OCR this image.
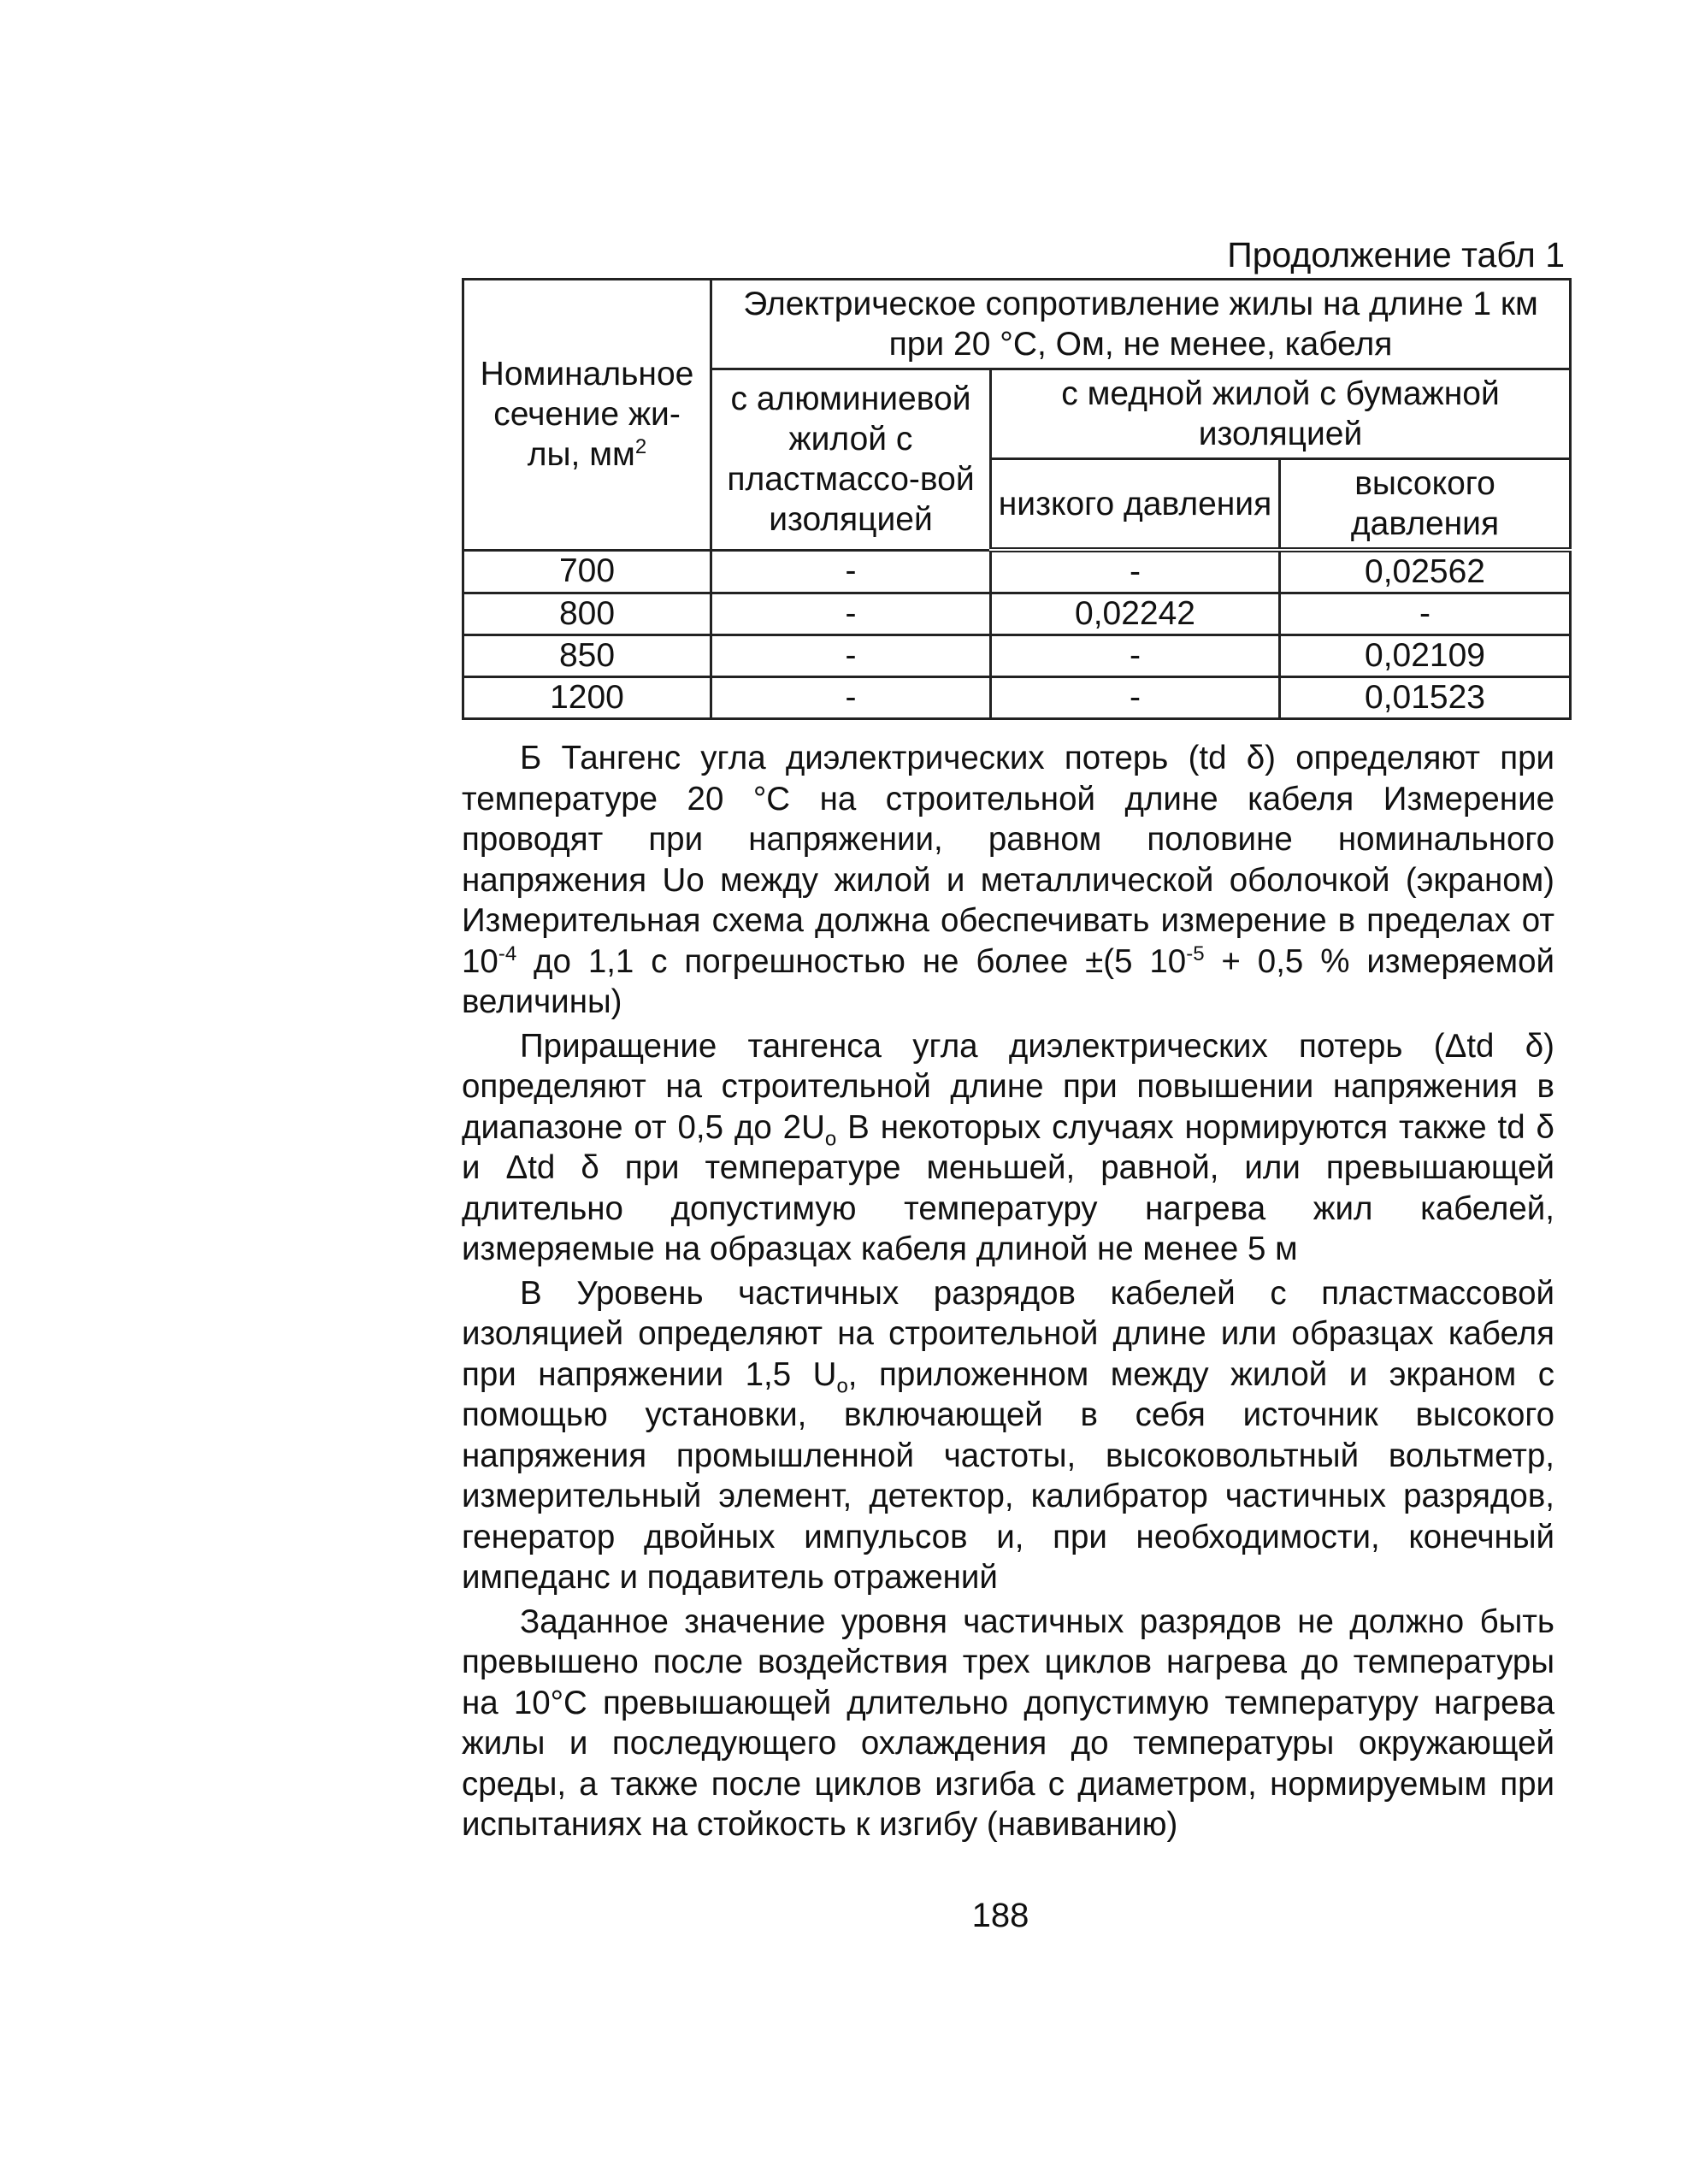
Продолжение табл 1
Номинальное сечение жи-лы, $мм^2$	Электрическое сопротивление жилы на длине 1 км при 20 °С, Ом, не менее, кабеля		
	с алюминиевой жилой с пластмассо-вой изоляцией	с медной жилой с бумажной изоляцией	
		низкого давления	высокого давления
700	-	-	0,02562
800	-	0,02242	-
850	-	-	0,02109
1200	-	-	0,01523

Б Тангенс угла диэлектрических потерь (td δ) определяют при температуре 20 °С на строительной длине кабеля Измерение проводят при напряжении, равном половине номинального напряжения Uо между жилой и металлической оболочкой (экраном) Измерительная схема должна обеспечивать измерение в пределах от $10^{-4}$ до 1,1 с погрешностью не более ±(5 $10^{-5} + 0,5$ % измеряемой величины)

Приращение тангенса угла диэлектрических потерь (Δtd δ) определяют на строительной длине при повышении напряжения в диапазоне от 0,5 до $2U_о$ В некоторых случаях нормируются также td δ и Δtd δ при температуре меньшей, равной, или превышающей длительно допустимую температуру нагрева жил кабелей, измеряемые на образцах кабеля длиной не менее 5 м

В Уровень частичных разрядов кабелей с пластмассовой изоляцией определяют на строительной длине или образцах кабеля при напряжении 1,5 $U_о$, приложенном между жилой и экраном с помощью установки, включающей в себя источник высокого напряжения промышленной частоты, высоковольтный вольтметр, измерительный элемент, детектор, калибратор частичных разрядов, генератор двойных импульсов и, при необходимости, конечный импеданс и подавитель отражений

Заданное значение уровня частичных разрядов не должно быть превышено после воздействия трех циклов нагрева до температуры на 10°С превышающей длительно допустимую температуру нагрева жилы и последующего охлаждения до температуры окружающей среды, а также после циклов изгиба с диаметром, нормируемым при испытаниях на стойкость к изгибу (навиванию)

188
